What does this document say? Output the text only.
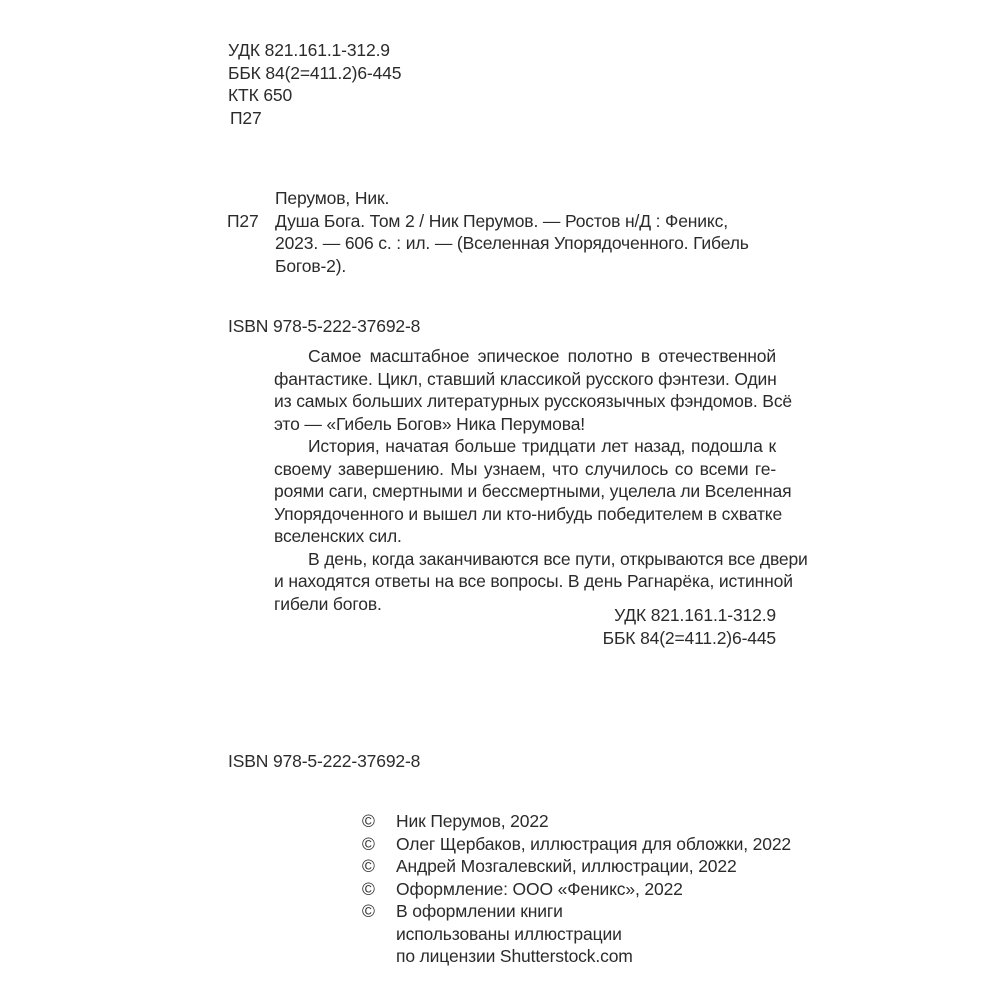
УДК 821.161.1-312.9
ББК 84(2=411.2)6-445
КТК 650
П27
Перумов, Ник.
П27 Душа Бога. Том 2 / Ник Перумов. — Ростов н/Д : Феникс,
2023. — 606 с. : ил. — (Вселенная Упорядоченного. Гибель
Богов-2).
ISBN 978-5-222-37692-8
Самое масштабное эпическое полотно в отечественной
фантастике. Цикл, ставший классикой русского фэнтези. Один
из самых больших литературных русскоязычных фэндомов. Всё
это — «Гибель Богов» Ника Перумова!
История, начатая больше тридцати лет назад, подошла к
своему завершению. Мы узнаем, что случилось со всеми ге-
роями саги, смертными и бессмертными, уцелела ли Вселенная
Упорядоченного и вышел ли кто-нибудь победителем в схватке
вселенских сил.
В день, когда заканчиваются все пути, открываются все двери
и находятся ответы на все вопросы. В день Рагнарёка, истинной
гибели богов.
УДК 821.161.1-312.9
ББК 84(2=411.2)6-445
ISBN 978-5-222-37692-8
©	Ник Перумов, 2022
©	Олег Щербаков, иллюстрация для обложки, 2022
©	Андрей Мозгалевский, иллюстрации, 2022
©	Оформление: ООО «Феникс», 2022
©	В оформлении книги
использованы иллюстрации
по лицензии Shutterstock.com
